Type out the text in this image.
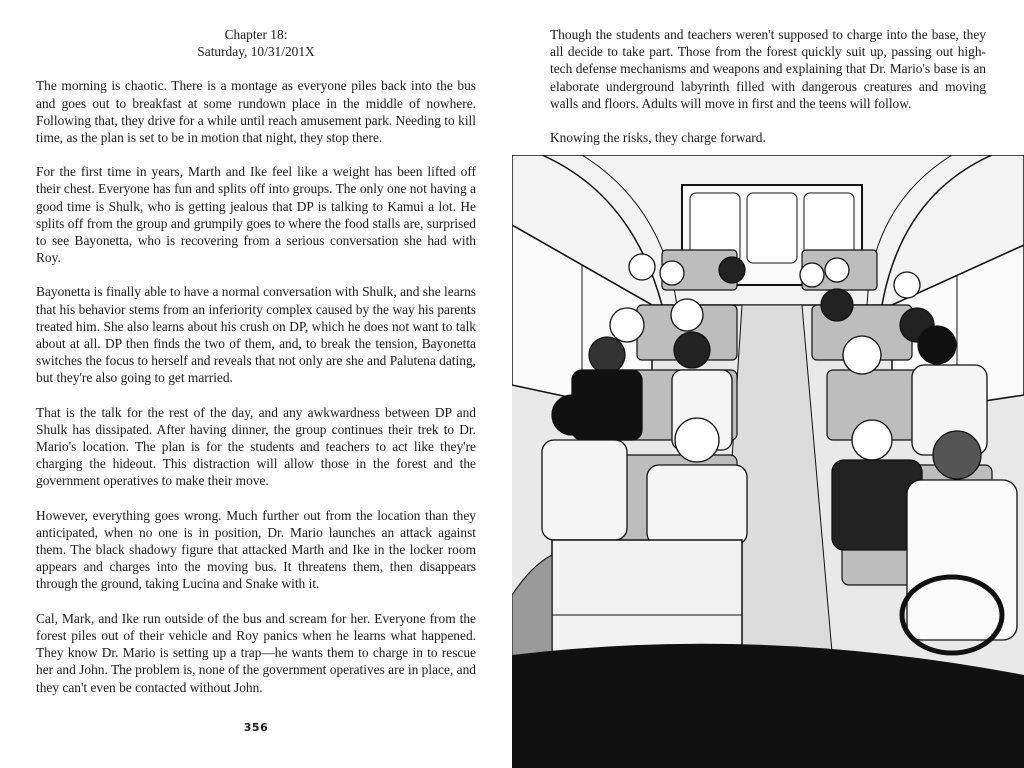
Chapter 18:
Saturday, 10/31/201X

The morning is chaotic. There is a montage as everyone piles back into the bus and goes out to breakfast at some rundown place in the middle of nowhere. Following that, they drive for a while until reach amusement park. Needing to kill time, as the plan is set to be in motion that night, they stop there.

For the first time in years, Marth and Ike feel like a weight has been lifted off their chest. Everyone has fun and splits off into groups. The only one not having a good time is Shulk, who is getting jealous that DP is talking to Kamui a lot. He splits off from the group and grumpily goes to where the food stalls are, surprised to see Bayonetta, who is recovering from a serious conversation she had with Roy.

Bayonetta is finally able to have a normal conversation with Shulk, and she learns that his behavior stems from an inferiority complex caused by the way his parents treated him. She also learns about his crush on DP, which he does not want to talk about at all. DP then finds the two of them, and, to break the tension, Bayonetta switches the focus to herself and reveals that not only are she and Palutena dating, but they're also going to get married.

That is the talk for the rest of the day, and any awkwardness between DP and Shulk has dissipated. After having dinner, the group continues their trek to Dr. Mario's location. The plan is for the students and teachers to act like they're charging the hideout. This distraction will allow those in the forest and the government operatives to make their move.

However, everything goes wrong. Much further out from the location than they anticipated, when no one is in position, Dr. Mario launches an attack against them. The black shadowy figure that attacked Marth and Ike in the locker room appears and charges into the moving bus. It threatens them, then disappears through the ground, taking Lucina and Snake with it.

Cal, Mark, and Ike run outside of the bus and scream for her. Everyone from the forest piles out of their vehicle and Roy panics when he learns what happened. They know Dr. Mario is setting up a trap—he wants them to charge in to rescue her and John. The problem is, none of the government operatives are in place, and they can't even be contacted without John.

356

Though the students and teachers weren't supposed to charge into the base, they all decide to take part. Those from the forest quickly suit up, passing out high-tech defense mechanisms and weapons and explaining that Dr. Mario's base is an elaborate underground labyrinth filled with dangerous creatures and moving walls and floors. Adults will move in first and the teens will follow.

Knowing the risks, they charge forward.
